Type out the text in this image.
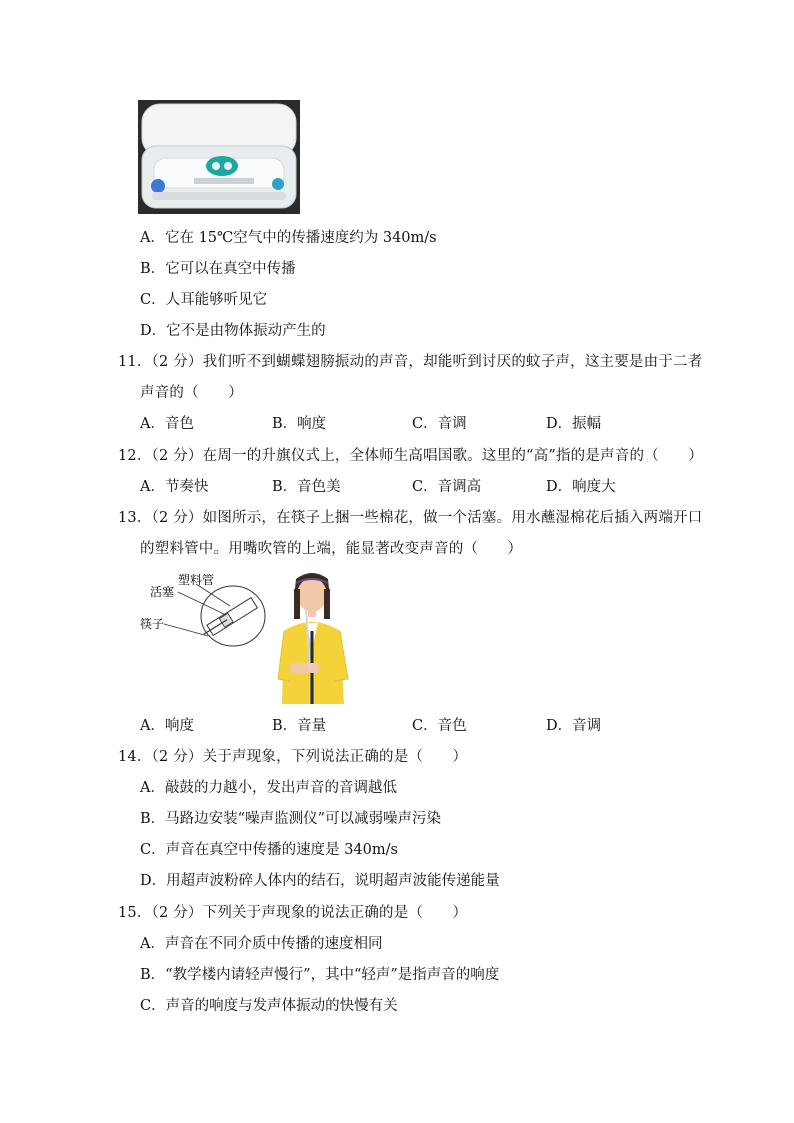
A．它在 15℃空气中的传播速度约为 340m/s
B．它可以在真空中传播
C．人耳能够听见它
D．它不是由物体振动产生的
11．（2 分）我们听不到蝴蝶翅膀振动的声音，却能听到讨厌的蚊子声，这主要是由于二者
声音的（　　）
A．音色	B．响度	C．音调	D．振幅
12．（2 分）在周一的升旗仪式上，全体师生高唱国歌。这里的“高”指的是声音的（　　）
A．节奏快	B．音色美	C．音调高	D．响度大
13．（2 分）如图所示，在筷子上捆一些棉花，做一个活塞。用水蘸湿棉花后插入两端开口
的塑料管中。用嘴吹管的上端，能显著改变声音的（　　）
塑料管
活塞
筷子
A．响度	B．音量	C．音色	D．音调
14．（2 分）关于声现象，下列说法正确的是（　　）
A．敲鼓的力越小，发出声音的音调越低
B．马路边安装“噪声监测仪”可以减弱噪声污染
C．声音在真空中传播的速度是 340m/s
D．用超声波粉碎人体内的结石，说明超声波能传递能量
15．（2 分）下列关于声现象的说法正确的是（　　）
A．声音在不同介质中传播的速度相同
B．“教学楼内请轻声慢行”，其中“轻声”是指声音的响度
C．声音的响度与发声体振动的快慢有关
